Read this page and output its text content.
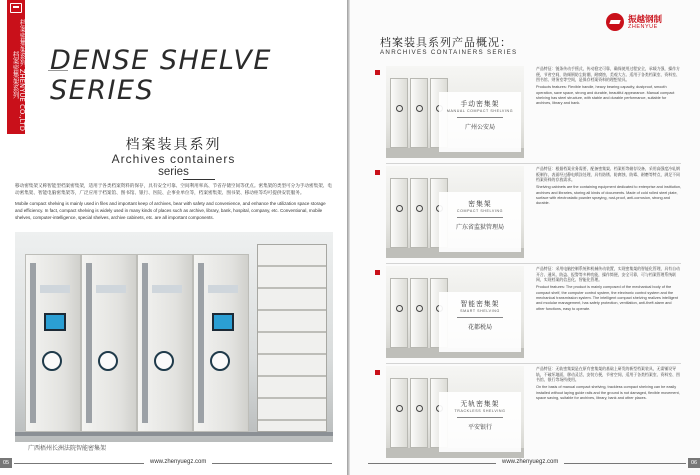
档案密集架系列 ZHENYUE CO.,LTD 档案密集架系列 DENSE SHELVE
SERIES
档案装具系列
Archives containers
series
移动密集架又称智能型档案密集架，适用于各类档案资料的保存，具有安全可靠、空间利用率高、节省存储空间等优点。密集架的类型可分为手动密集架、电动密集架、智能电脑密集架等，广泛应用于档案馆、图书馆、银行、医院、企事业单位等，档案密集架、图书架、移动柜等均可提供安装服务。
Mobile compact shelving is mainly used in files and important keep of archives, bear with safety and convenience, and enhance the utilization space storage and efficiency. In fact, compact shelving is widely used in many kinds of places such as archive, library, bank, hospital, company, etc. Conventional, mobile shelves, computer-intelligence, special shelves, archive cabinets, etc. are all important components.
广西梧州长洲法院智能密集架
05	www.zhenyuegz.com
振越钢制
ZHENYUE
档案装具系列产品概况：
ANRCHIVES CONTAINERS SERIES
手动密集架
MANUAL COMPACT SHELVING
广州公安局
产品特征：链条传动手摇式，传动稳定可靠，确保使用过程安全，承载力强，操作方便，节省空间，防倾倒防尘防潮，耐腐蚀，美观大方。适用于各类档案室、资料室、图书馆、财务室等空间，是保存档案资料的理想装具。
Products features: Flexible handle, heavy bearing capacity, dustproof, smooth operation, save space, strong and durable, beautiful appearance. Manual compact shelving has steel structure, with stable and durable performance, suitable for archives, library and bank.
密集架
COMPACT SHELVING
广东省监狱管理局
产品特征：根据档案业务需要，配备密集架、档案柜等储存设备，采用高强度冷轧钢板制作，表面经过静电喷涂处理，具有防锈、防腐蚀、防霉、耐磨等特点，满足不同档案资料的存放需求。
Shelving cabinets are the containing equipment dedicated to enterprise and institution, archives and libraries, storing all kinds of documents. Made of cold rolled steel plate, surface with electrostatic powder spraying, rust-proof, anti-corrosion, strong and durable.
智能密集架
SMART SHELVING
花都税局
产品特征：采用电脑控制系统和机械传动装置，实现密集架的智能化管理，具有自动开合、通风、防盗、报警等多种功能，操作简便，安全可靠，可与档案管理系统联网，实现档案的信息化、智能化管理。
Product features: The product is mainly composed of the mechanical body of the compact shelf, the computer control system, the electronic control system and the mechanical transmission system. The intelligent compact shelving realizes intelligent and modular management, has safety protection, ventilation, anti-theft alarm and other functions, easy to operate.
无轨密集架
TRACKLESS SHELVING
平安银行
产品特征：无轨密集架是在原有密集架的基础上研发的新型档案装具，无需铺设导轨，不破坏地面，移动灵活，安装方便，节省空间，适用于各类档案室、资料室、图书馆、银行等场所使用。
On the basis of manual compact shelving, trackless compact shelving can be easily installed without laying guide rails and the ground is not damaged, flexible movement, space saving, suitable for archives, library, bank and other places.
www.zhenyuegz.com	06
